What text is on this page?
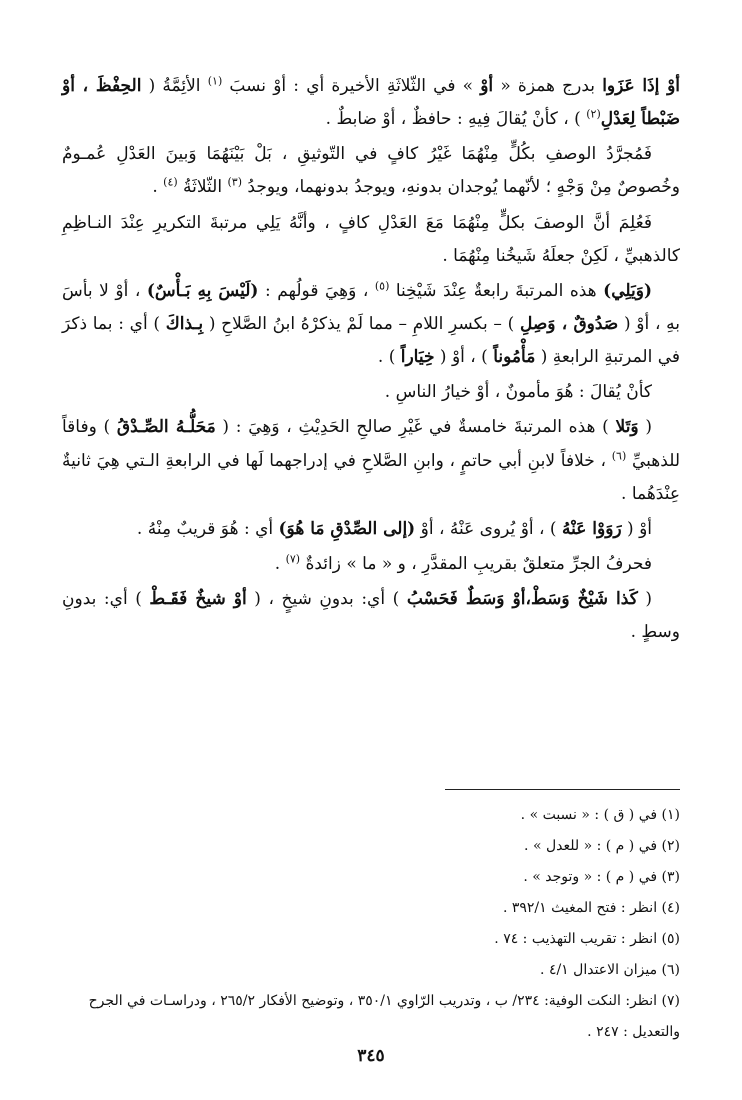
أوْ إذَا عَزَوا بدرج همزة « أوْ » في الثّلاثَةِ الأخيرة أي : أوْ نسبَ $^{(١)}$ الأئِمَّةُ ( الحِفْظَ ، أوْ ضَبْطاً لِعَدْلِ$^{(٢)}$ ) ، كأنْ يُقالَ فِيهِ : حافظٌ ، أوْ ضابطٌ .

فَمُجرَّدُ الوصفِ بكُلٍّ مِنْهُمَا غَيْرُ كافٍ في التّوثيقِ ، بَلْ بَيْنَهُمَا وَبينَ العَدْلِ عُمـومٌ وخُصوصٌ مِنْ وَجْهٍ ؛ لأنّهما يُوجدان بدونهِ، ويوجدُ بدونهما، ويوجدُ $^{(٣)}$ الثّلاثَةُ $^{(٤)}$ .

فَعُلِمَ أنَّ الوصفَ بكلٍّ مِنْهُمَا مَعَ العَدْلِ كافٍ ، وأنَّهُ يَلِي مرتبةَ التكريرِ عِنْدَ النـاظِمِ كالذهبيِّ ، لَكِنْ جعلَهُ شَيخُنا مِنْهُمَا .

(وَيَلِي) هذه المرتبةَ رابعةٌ عِنْدَ شَيْخِنا $^{(٥)}$ ، وَهِيَ قولُهم : (لَيْسَ بِهِ بَـأْسٌ) ، أوْ لا بأسَ بهِ ، أوْ ( صَدُوقٌ ، وَصِلِ ) – بكسرِ اللامِ – مما لَمْ يذكرْهُ ابنُ الصَّلاحِ ( بِـذاكَ ) أي : بما ذكرَ في المرتبةِ الرابعةِ ( مَأْمُوناً ) ، أوْ ( خِيَاراً ) .

كأنْ يُقالَ : هُوَ مأمونٌ ، أوْ خيارُ الناسِ .

( وَتَلا ) هذه المرتبةَ خامسةٌ في غَيْرِ صالحِ الحَدِيْثِ ، وَهِيَ : ( مَحَلُّـهُ الصِّـدْقُ ) وفاقاً للذهبيِّ $^{(٦)}$ ، خلافاً لابنِ أبي حاتمٍ ، وابنِ الصَّلاحِ في إدراجهما لَها في الرابعةِ الـتي هِيَ ثانيةٌ عِنْدَهُما .

أوْ ( رَوَوْا عَنْهُ ) ، أوْ يُروى عَنْهُ ، أوْ (إلى الصِّدْقِ مَا هُوَ) أي : هُوَ قريبٌ مِنْهُ .

فحرفُ الجرِّ متعلقٌ بقريبِ المقدَّرِ ، و « ما » زائدةٌ $^{(٧)}$ .

( كَذا شَيْخٌ وَسَطْ،أوْ وَسَطٌ فَحَسْبُ ) أي: بدونِ شيخٍ ، ( أوْ شيخٌ فَقَـطْ ) أي: بدونِ وسطٍ .

(١) في ( ق ) : « نسبت » .

(٢) في ( م ) : « للعدل » .

(٣) في ( م ) : « وتوجد » .

(٤) انظر : فتح المغيث ٣٩٢/١ .

(٥) انظر : تقريب التهذيب : ٧٤ .

(٦) ميزان الاعتدال ٤/١ .

(٧) انظر: النكت الوفية: ٢٣٤/ ب ، وتدريب الرّاوي ٣٥٠/١ ، وتوضيح الأفكار ٢٦٥/٢ ، ودراسـات في الجرح والتعديل : ٢٤٧ .

٣٤٥
